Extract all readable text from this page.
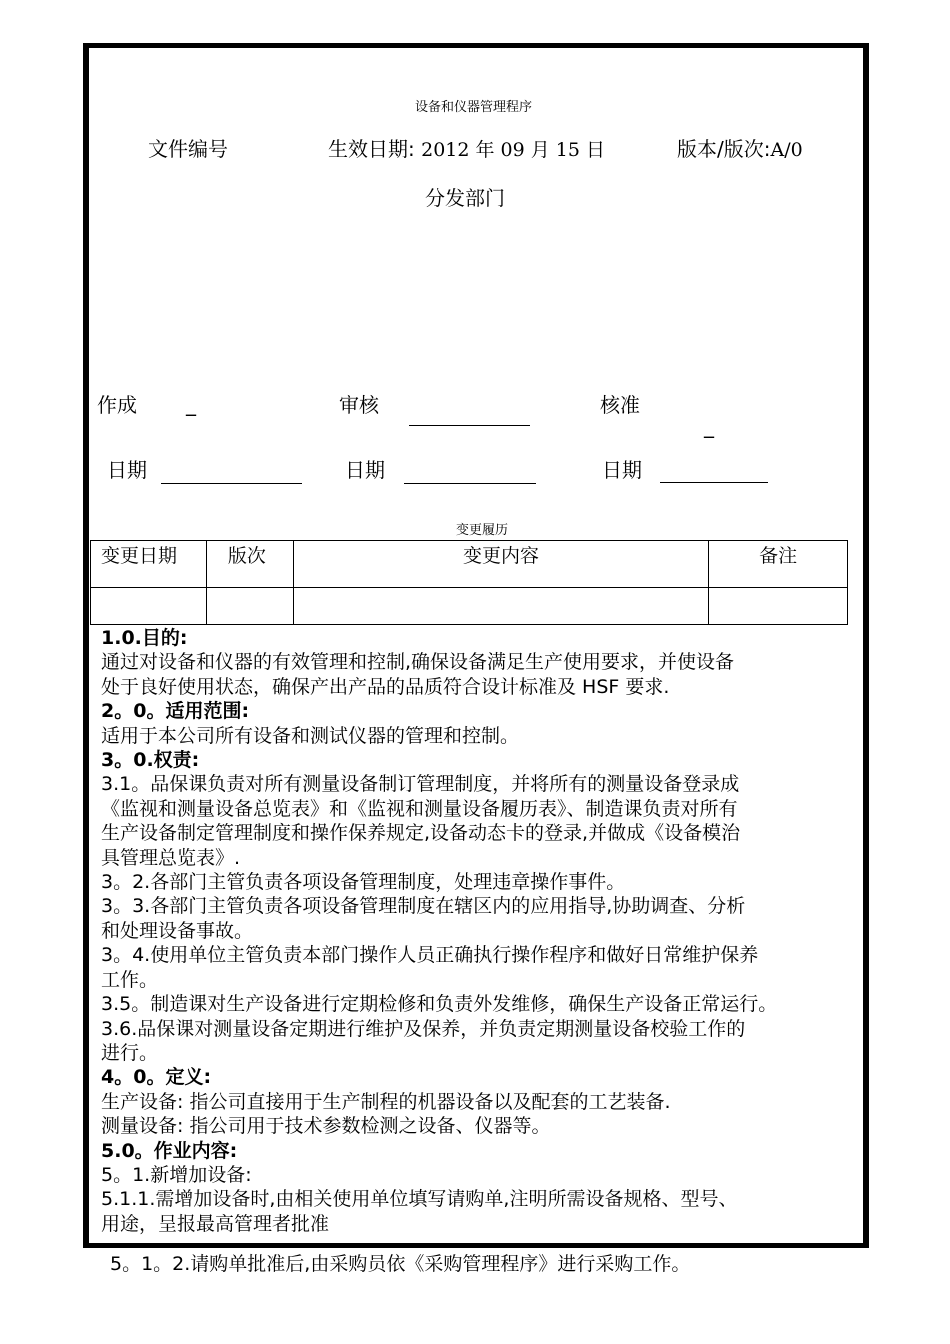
设备和仪器管理程序
文件编号	生效日期: 2012 年 09 月 15 日	版本/版次:A/0
分发部门
作成 _	审核	核准
_
日期	日期	日期
变更履历
变更日期	版次	变更内容	备注

1.0.目的:

通过对设备和仪器的有效管理和控制,确保设备满足生产使用要求，并使设备

处于良好使用状态，确保产出产品的品质符合设计标准及 HSF 要求.

2。0。适用范围:

适用于本公司所有设备和测试仪器的管理和控制。

3。0.权责:

3.1。品保课负责对所有测量设备制订管理制度，并将所有的测量设备登录成

《监视和测量设备总览表》和《监视和测量设备履历表》、制造课负责对所有

生产设备制定管理制度和操作保养规定,设备动态卡的登录,并做成《设备模治

具管理总览表》.

3。2.各部门主管负责各项设备管理制度，处理违章操作事件。

3。3.各部门主管负责各项设备管理制度在辖区内的应用指导,协助调查、分析

和处理设备事故。

3。4.使用单位主管负责本部门操作人员正确执行操作程序和做好日常维护保养

工作。

3.5。制造课对生产设备进行定期检修和负责外发维修，确保生产设备正常运行。

3.6.品保课对测量设备定期进行维护及保养，并负责定期测量设备校验工作的

进行。

4。0。定义:

生产设备: 指公司直接用于生产制程的机器设备以及配套的工艺装备.

测量设备: 指公司用于技术参数检测之设备、仪器等。

5.0。作业内容:

5。1.新增加设备:

5.1.1.需增加设备时,由相关使用单位填写请购单,注明所需设备规格、型号、

用途，呈报最高管理者批准

5。1。2.请购单批准后,由采购员依《采购管理程序》进行采购工作。
